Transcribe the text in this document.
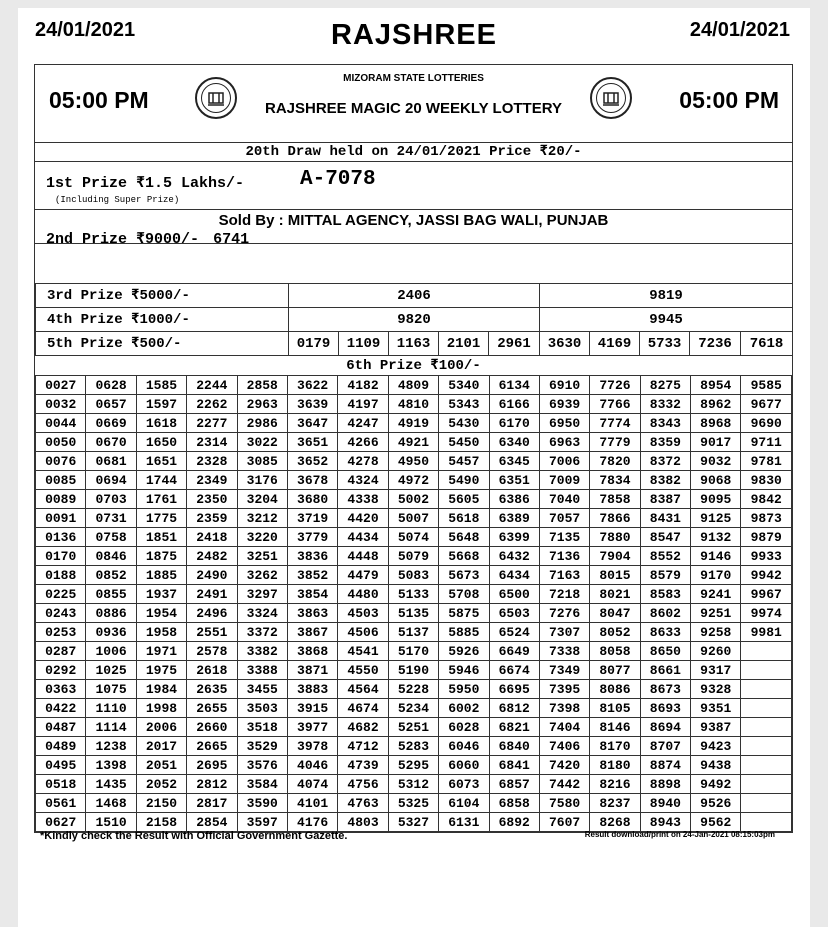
24/01/2021	RAJSHREE	24/01/2021
05:00 PM
MIZORAM STATE LOTTERIES
RAJSHREE MAGIC 20 WEEKLY LOTTERY	05:00 PM
20th Draw held on 24/01/2021 Price ₹20/-
1st Prize ₹1.5 Lakhs/-	A-7078
(Including Super Prize)
Sold By : MITTAL AGENCY, JASSI BAG WALI, PUNJAB
2nd Prize ₹9000/- 6741
3rd Prize ₹5000/-	2406					9819				
4th Prize ₹1000/-	9820					9945				
5th Prize ₹500/-	0179	1109	1163	2101	2961	3630	4169	5733	7236	7618
6th Prize ₹100/-
0027	0628	1585	2244	2858	3622	4182	4809	5340	6134	6910	7726	8275	8954	9585
0032	0657	1597	2262	2963	3639	4197	4810	5343	6166	6939	7766	8332	8962	9677
0044	0669	1618	2277	2986	3647	4247	4919	5430	6170	6950	7774	8343	8968	9690
0050	0670	1650	2314	3022	3651	4266	4921	5450	6340	6963	7779	8359	9017	9711
0076	0681	1651	2328	3085	3652	4278	4950	5457	6345	7006	7820	8372	9032	9781
0085	0694	1744	2349	3176	3678	4324	4972	5490	6351	7009	7834	8382	9068	9830
0089	0703	1761	2350	3204	3680	4338	5002	5605	6386	7040	7858	8387	9095	9842
0091	0731	1775	2359	3212	3719	4420	5007	5618	6389	7057	7866	8431	9125	9873
0136	0758	1851	2418	3220	3779	4434	5074	5648	6399	7135	7880	8547	9132	9879
0170	0846	1875	2482	3251	3836	4448	5079	5668	6432	7136	7904	8552	9146	9933
0188	0852	1885	2490	3262	3852	4479	5083	5673	6434	7163	8015	8579	9170	9942
0225	0855	1937	2491	3297	3854	4480	5133	5708	6500	7218	8021	8583	9241	9967
0243	0886	1954	2496	3324	3863	4503	5135	5875	6503	7276	8047	8602	9251	9974
0253	0936	1958	2551	3372	3867	4506	5137	5885	6524	7307	8052	8633	9258	9981
0287	1006	1971	2578	3382	3868	4541	5170	5926	6649	7338	8058	8650	9260	
0292	1025	1975	2618	3388	3871	4550	5190	5946	6674	7349	8077	8661	9317	
0363	1075	1984	2635	3455	3883	4564	5228	5950	6695	7395	8086	8673	9328	
0422	1110	1998	2655	3503	3915	4674	5234	6002	6812	7398	8105	8693	9351	
0487	1114	2006	2660	3518	3977	4682	5251	6028	6821	7404	8146	8694	9387	
0489	1238	2017	2665	3529	3978	4712	5283	6046	6840	7406	8170	8707	9423	
0495	1398	2051	2695	3576	4046	4739	5295	6060	6841	7420	8180	8874	9438	
0518	1435	2052	2812	3584	4074	4756	5312	6073	6857	7442	8216	8898	9492	
0561	1468	2150	2817	3590	4101	4763	5325	6104	6858	7580	8237	8940	9526	
0627	1510	2158	2854	3597	4176	4803	5327	6131	6892	7607	8268	8943	9562	
*Kindly check the Result with Official Government Gazette.	Result download/print on 24-Jan-2021 08:15:03pm
